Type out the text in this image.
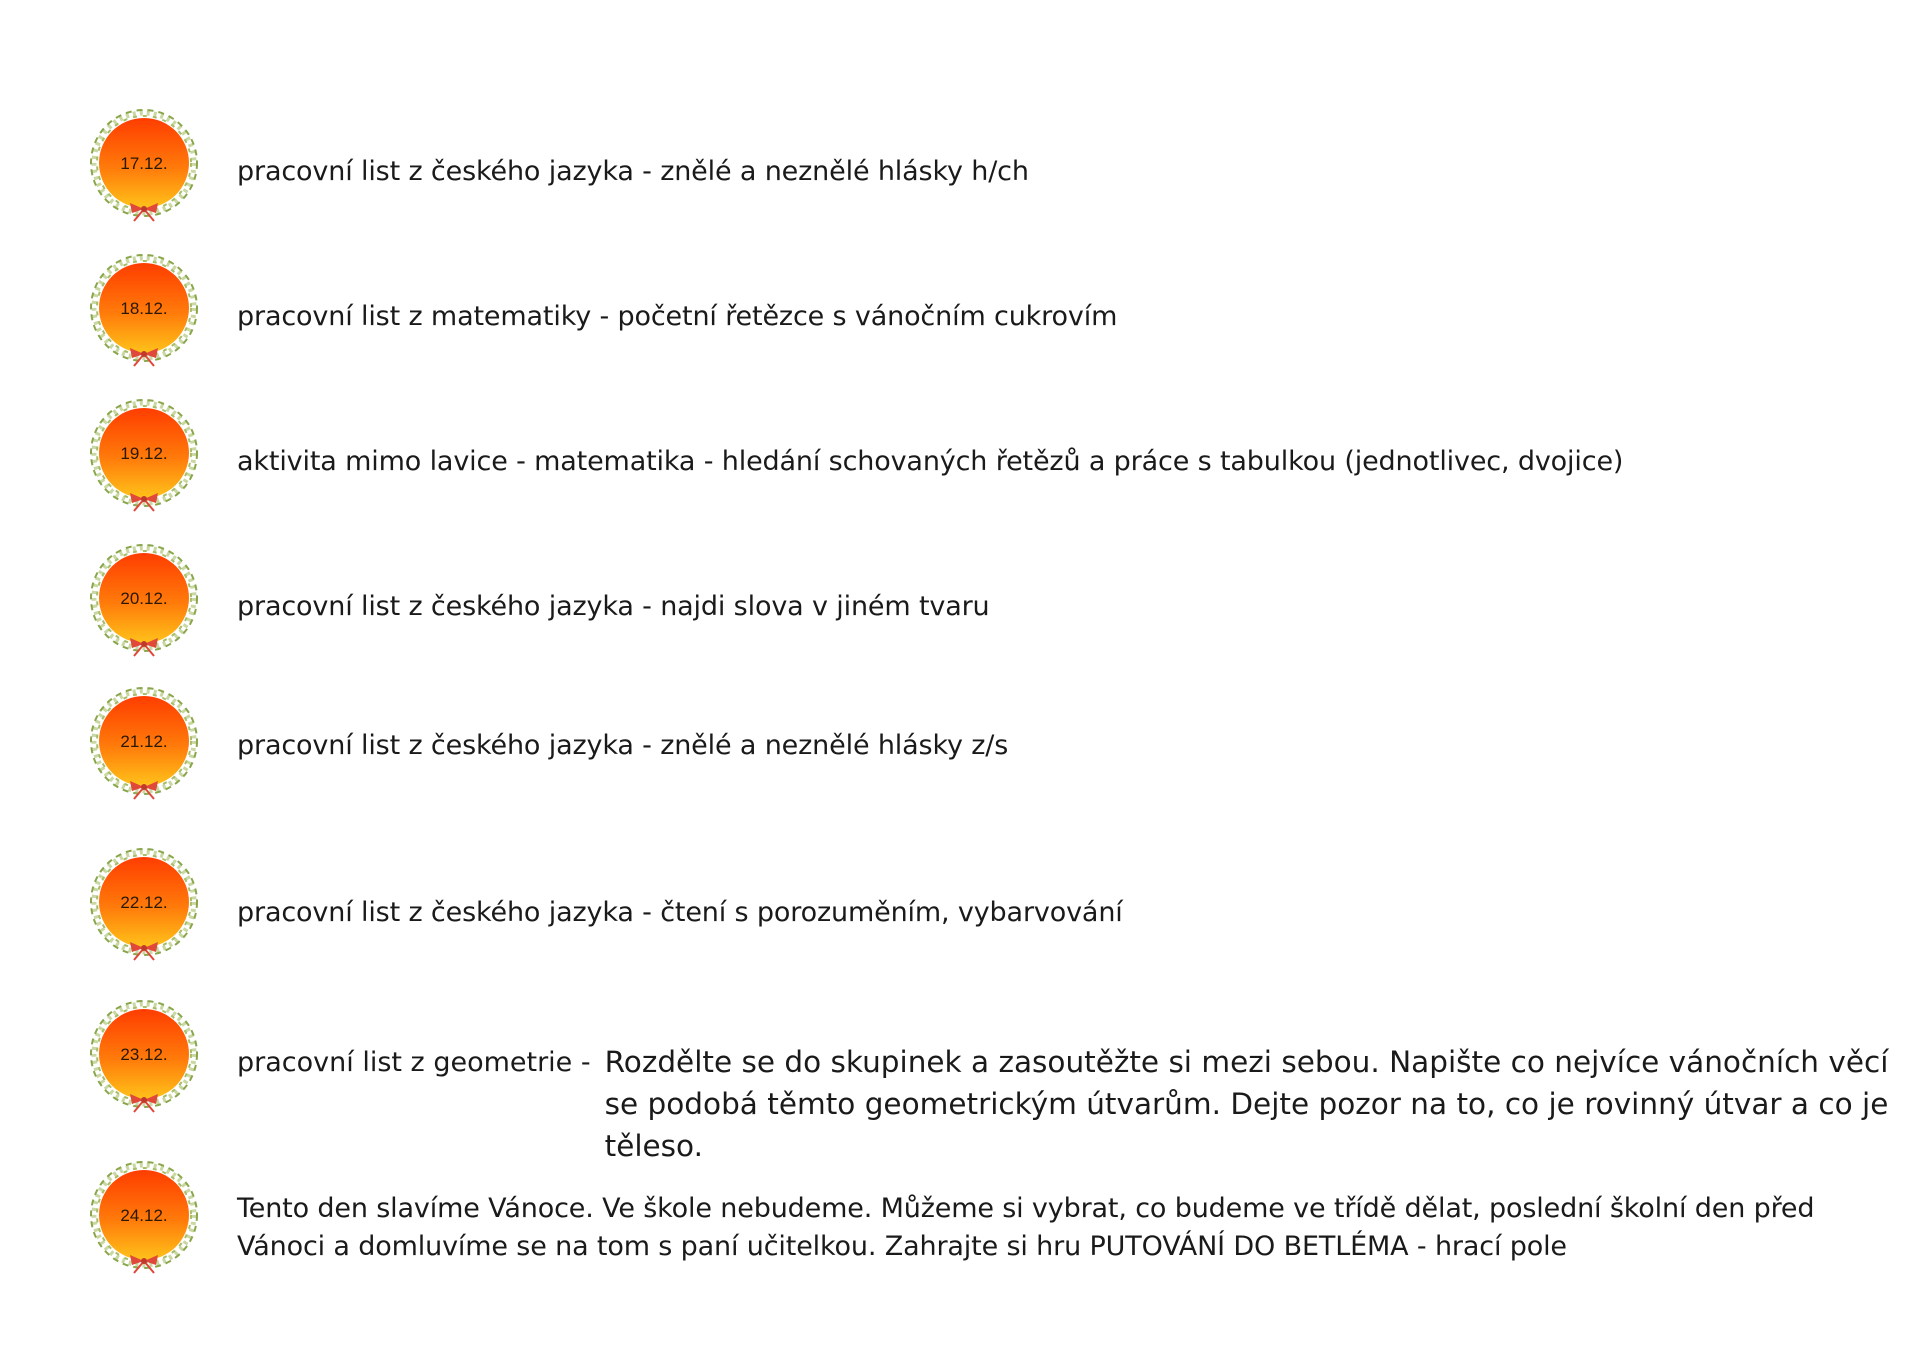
17.12.	pracovní list z českého jazyka - znělé a neznělé hlásky h/ch
18.12.	pracovní list z matematiky - početní řetězce s vánočním cukrovím
19.12.	aktivita mimo lavice - matematika - hledání schovaných řetězů a práce s tabulkou (jednotlivec, dvojice)
20.12.	pracovní list z českého jazyka - najdi slova v jiném tvaru
21.12.	pracovní list z českého jazyka - znělé a neznělé hlásky z/s
22.12.	pracovní list z českého jazyka - čtení s porozuměním, vybarvování
23.12.	pracovní list z geometrie - Rozdělte se do skupinek a zasoutěžte si mezi sebou. Napište co nejvíce vánočních věcí se podobá těmto geometrickým útvarům. Dejte pozor na to, co je rovinný útvar a co je těleso.
24.12.	Tento den slavíme Vánoce. Ve škole nebudeme. Můžeme si vybrat, co budeme ve třídě dělat, poslední školní den před
Vánoci a domluvíme se na tom s paní učitelkou. Zahrajte si hru PUTOVÁNÍ DO BETLÉMA - hrací pole
